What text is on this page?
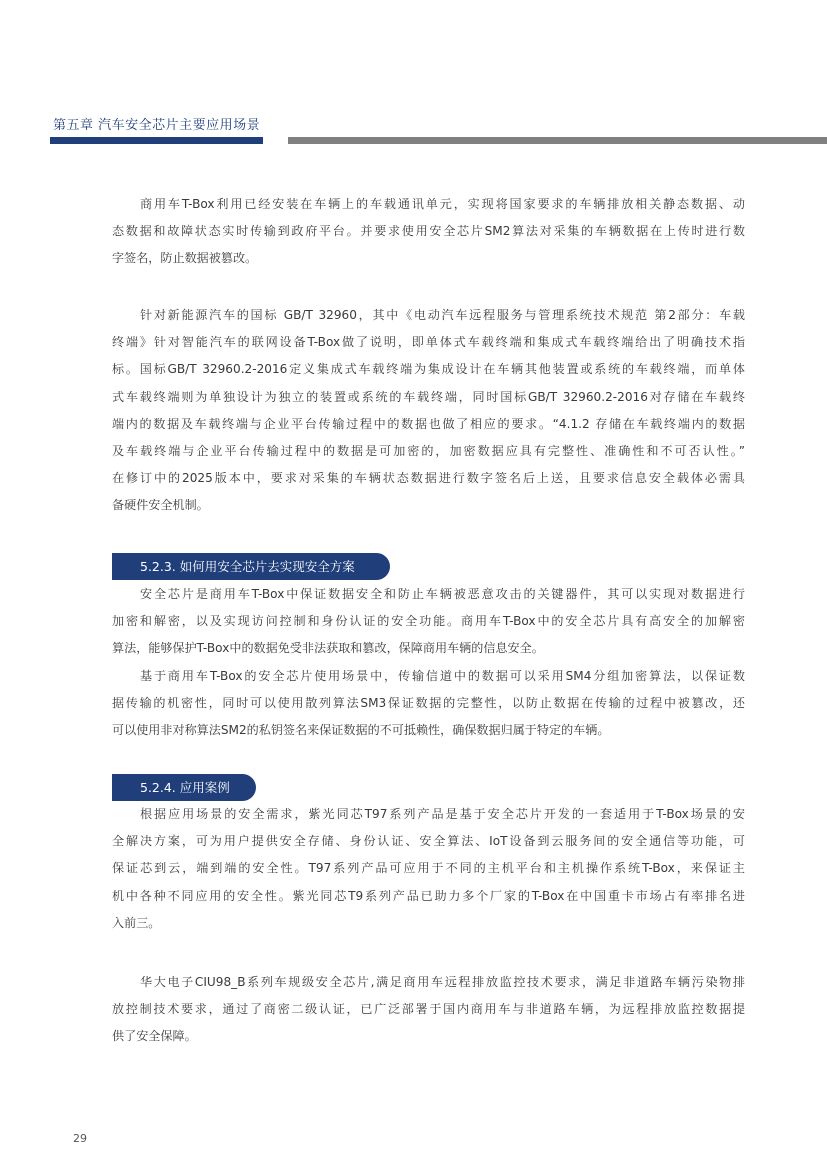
第五章 汽车安全芯片主要应用场景

商用车T-Box利用已经安装在车辆上的车载通讯单元，实现将国家要求的车辆排放相关静态数据、动
态数据和故障状态实时传输到政府平台。并要求使用安全芯片SM2算法对采集的车辆数据在上传时进行数
字签名，防止数据被篡改。

针对新能源汽车的国标 GB/T 32960，其中《电动汽车远程服务与管理系统技术规范 第2部分：车载
终端》针对智能汽车的联网设备T-Box做了说明，即单体式车载终端和集成式车载终端给出了明确技术指
标。国标GB/T 32960.2-2016定义集成式车载终端为集成设计在车辆其他装置或系统的车载终端，而单体
式车载终端则为单独设计为独立的装置或系统的车载终端，同时国标GB/T 32960.2-2016对存储在车载终
端内的数据及车载终端与企业平台传输过程中的数据也做了相应的要求。“4.1.2 存储在车载终端内的数据
及车载终端与企业平台传输过程中的数据是可加密的，加密数据应具有完整性、准确性和不可否认性。”
在修订中的2025版本中，要求对采集的车辆状态数据进行数字签名后上送，且要求信息安全载体必需具
备硬件安全机制。

5.2.3. 如何用安全芯片去实现安全方案

安全芯片是商用车T-Box中保证数据安全和防止车辆被恶意攻击的关键器件，其可以实现对数据进行
加密和解密，以及实现访问控制和身份认证的安全功能。商用车T-Box中的安全芯片具有高安全的加解密
算法，能够保护T-Box中的数据免受非法获取和篡改，保障商用车辆的信息安全。

基于商用车T-Box的安全芯片使用场景中，传输信道中的数据可以采用SM4分组加密算法，以保证数
据传输的机密性，同时可以使用散列算法SM3保证数据的完整性，以防止数据在传输的过程中被篡改，还
可以使用非对称算法SM2的私钥签名来保证数据的不可抵赖性，确保数据归属于特定的车辆。

5.2.4. 应用案例

根据应用场景的安全需求，紫光同芯T97系列产品是基于安全芯片开发的一套适用于T-Box场景的安
全解决方案，可为用户提供安全存储、身份认证、安全算法、IoT设备到云服务间的安全通信等功能，可
保证芯到云，端到端的安全性。T97系列产品可应用于不同的主机平台和主机操作系统T-Box，来保证主
机中各种不同应用的安全性。紫光同芯T9系列产品已助力多个厂家的T-Box在中国重卡市场占有率排名进
入前三。

华大电子CIU98_B系列车规级安全芯片,满足商用车远程排放监控技术要求，满足非道路车辆污染物排
放控制技术要求，通过了商密二级认证，已广泛部署于国内商用车与非道路车辆，为远程排放监控数据提
供了安全保障。

29
